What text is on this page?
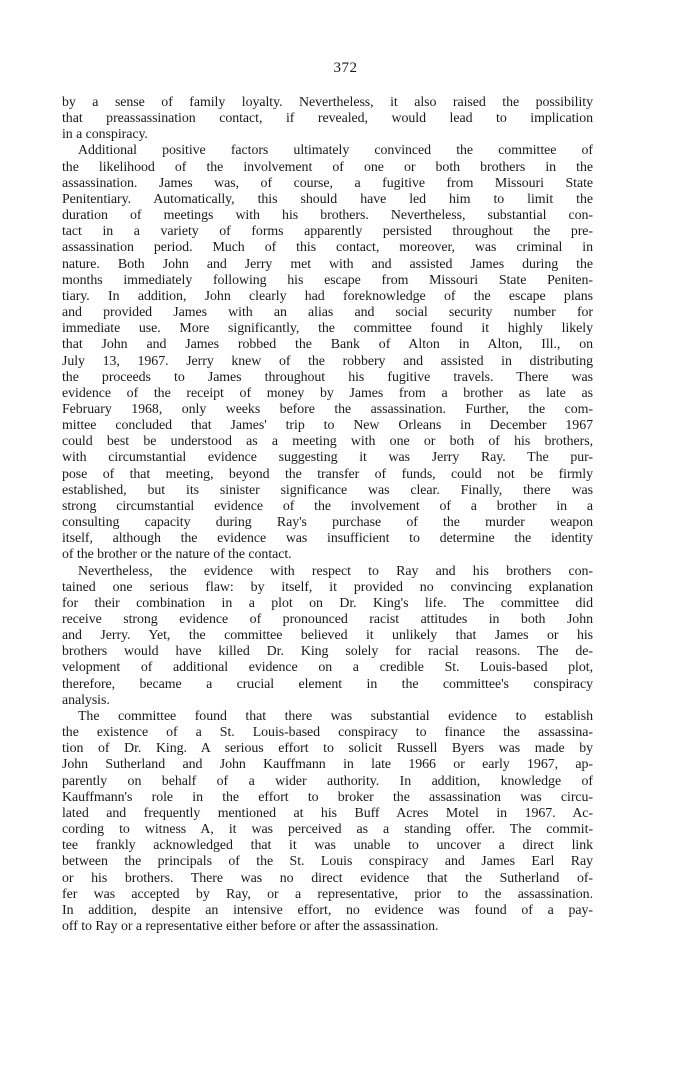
372
by a sense of family loyalty. Nevertheless, it also raised the possibility
that preassassination contact, if revealed, would lead to implication
in a conspiracy.
Additional positive factors ultimately convinced the committee of
the likelihood of the involvement of one or both brothers in the
assassination. James was, of course, a fugitive from Missouri State
Penitentiary. Automatically, this should have led him to limit the
duration of meetings with his brothers. Nevertheless, substantial con-
tact in a variety of forms apparently persisted throughout the pre-
assassination period. Much of this contact, moreover, was criminal in
nature. Both John and Jerry met with and assisted James during the
months immediately following his escape from Missouri State Peniten-
tiary. In addition, John clearly had foreknowledge of the escape plans
and provided James with an alias and social security number for
immediate use. More significantly, the committee found it highly likely
that John and James robbed the Bank of Alton in Alton, Ill., on
July 13, 1967. Jerry knew of the robbery and assisted in distributing
the proceeds to James throughout his fugitive travels. There was
evidence of the receipt of money by James from a brother as late as
February 1968, only weeks before the assassination. Further, the com-
mittee concluded that James' trip to New Orleans in December 1967
could best be understood as a meeting with one or both of his brothers,
with circumstantial evidence suggesting it was Jerry Ray. The pur-
pose of that meeting, beyond the transfer of funds, could not be firmly
established, but its sinister significance was clear. Finally, there was
strong circumstantial evidence of the involvement of a brother in a
consulting capacity during Ray's purchase of the murder weapon
itself, although the evidence was insufficient to determine the identity
of the brother or the nature of the contact.
Nevertheless, the evidence with respect to Ray and his brothers con-
tained one serious flaw: by itself, it provided no convincing explanation
for their combination in a plot on Dr. King's life. The committee did
receive strong evidence of pronounced racist attitudes in both John
and Jerry. Yet, the committee believed it unlikely that James or his
brothers would have killed Dr. King solely for racial reasons. The de-
velopment of additional evidence on a credible St. Louis-based plot,
therefore, became a crucial element in the committee's conspiracy
analysis.
The committee found that there was substantial evidence to establish
the existence of a St. Louis-based conspiracy to finance the assassina-
tion of Dr. King. A serious effort to solicit Russell Byers was made by
John Sutherland and John Kauffmann in late 1966 or early 1967, ap-
parently on behalf of a wider authority. In addition, knowledge of
Kauffmann's role in the effort to broker the assassination was circu-
lated and frequently mentioned at his Buff Acres Motel in 1967. Ac-
cording to witness A, it was perceived as a standing offer. The commit-
tee frankly acknowledged that it was unable to uncover a direct link
between the principals of the St. Louis conspiracy and James Earl Ray
or his brothers. There was no direct evidence that the Sutherland of-
fer was accepted by Ray, or a representative, prior to the assassination.
In addition, despite an intensive effort, no evidence was found of a pay-
off to Ray or a representative either before or after the assassination.
